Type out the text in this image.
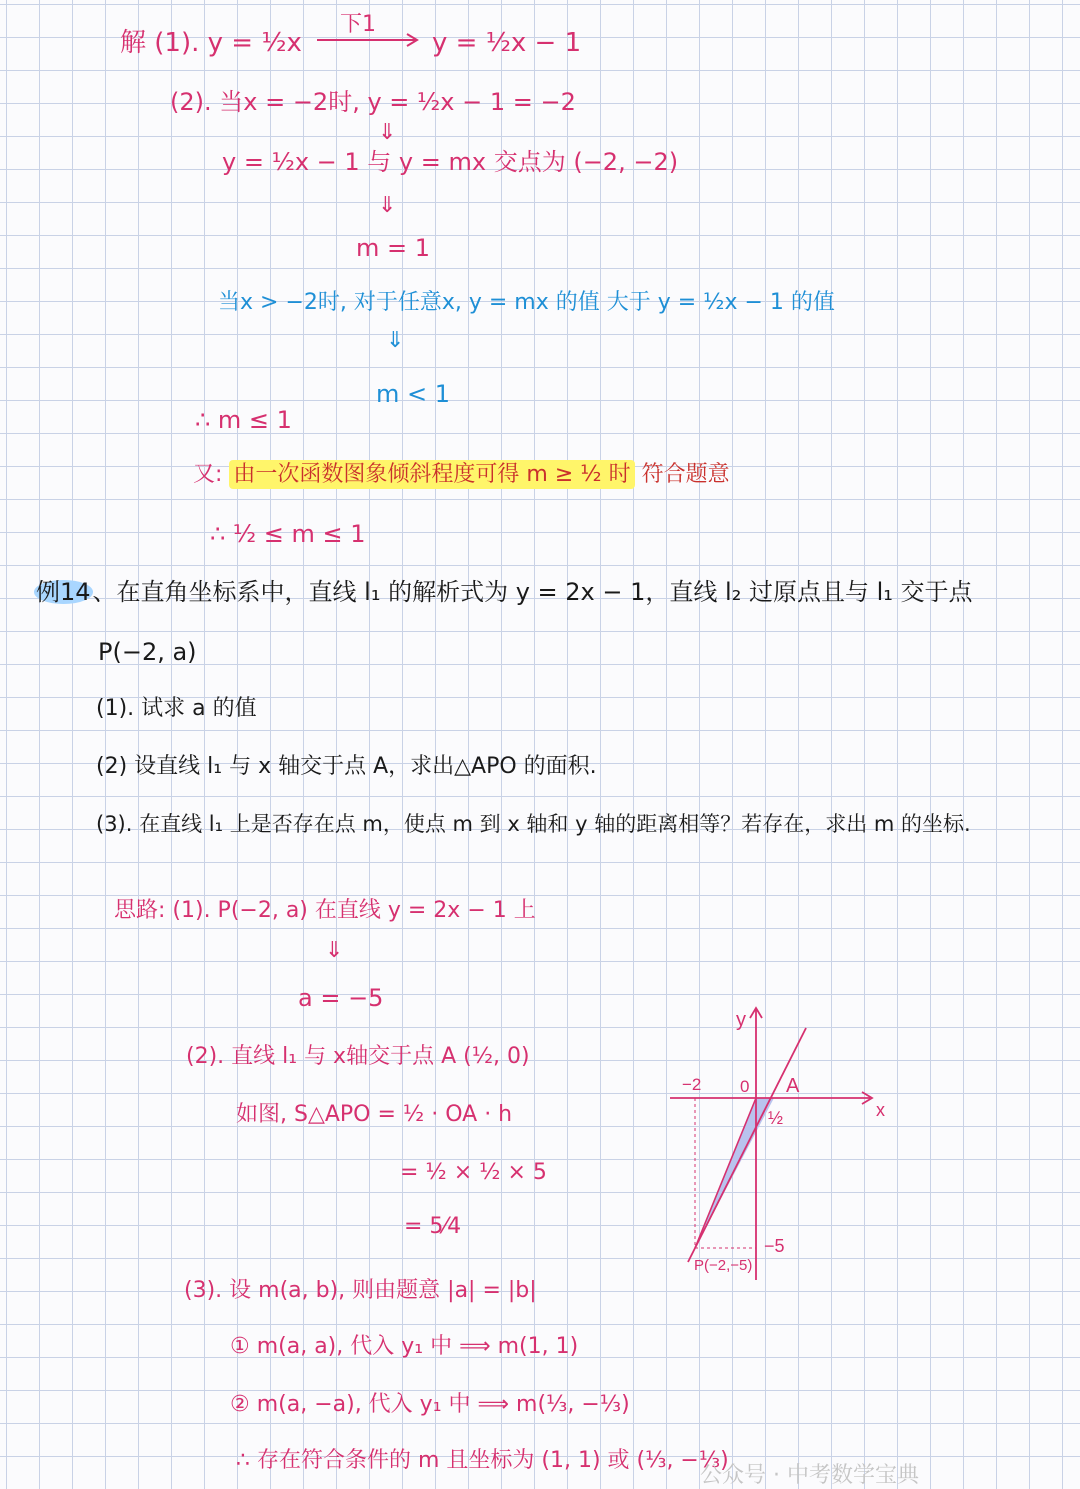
解 (1). y = ½x
下1
y = ½x − 1
(2). 当x = −2时, y = ½x − 1 = −2
⇓
y = ½x − 1 与 y = mx 交点为 (−2, −2)
⇓
m = 1
当x > −2时, 对于任意x, y = mx 的值 大于 y = ½x − 1 的值
⇓
m < 1
∴ m ≤ 1
又: 由一次函数图象倾斜程度可得 m ≥ ½ 时 符合题意
∴ ½ ≤ m ≤ 1
例14、在直角坐标系中，直线 l₁ 的解析式为 y = 2x − 1，直线 l₂ 过原点且与 l₁ 交于点
P(−2, a)
(1). 试求 a 的值
(2) 设直线 l₁ 与 x 轴交于点 A，求出△APO 的面积.
(3). 在直线 l₁ 上是否存在点 m，使点 m 到 x 轴和 y 轴的距离相等？若存在，求出 m 的坐标.
思路: (1). P(−2, a) 在直线 y = 2x − 1 上
⇓
a = −5
(2). 直线 l₁ 与 x轴交于点 A (½, 0)
如图, S△APO = ½ · OA · h
= ½ × ½ × 5
= 5⁄4
(3). 设 m(a, b), 则由题意 |a| = |b|
① m(a, a), 代入 y₁ 中 ⟹ m(1, 1)
② m(a, −a), 代入 y₁ 中 ⟹ m(⅓, −⅓)
∴ 存在符合条件的 m 且坐标为 (1, 1) 或 (⅓, −⅓)
y
x
0 A
−2
½
−5
P(−2,−5)
公众号 · 中考数学宝典
